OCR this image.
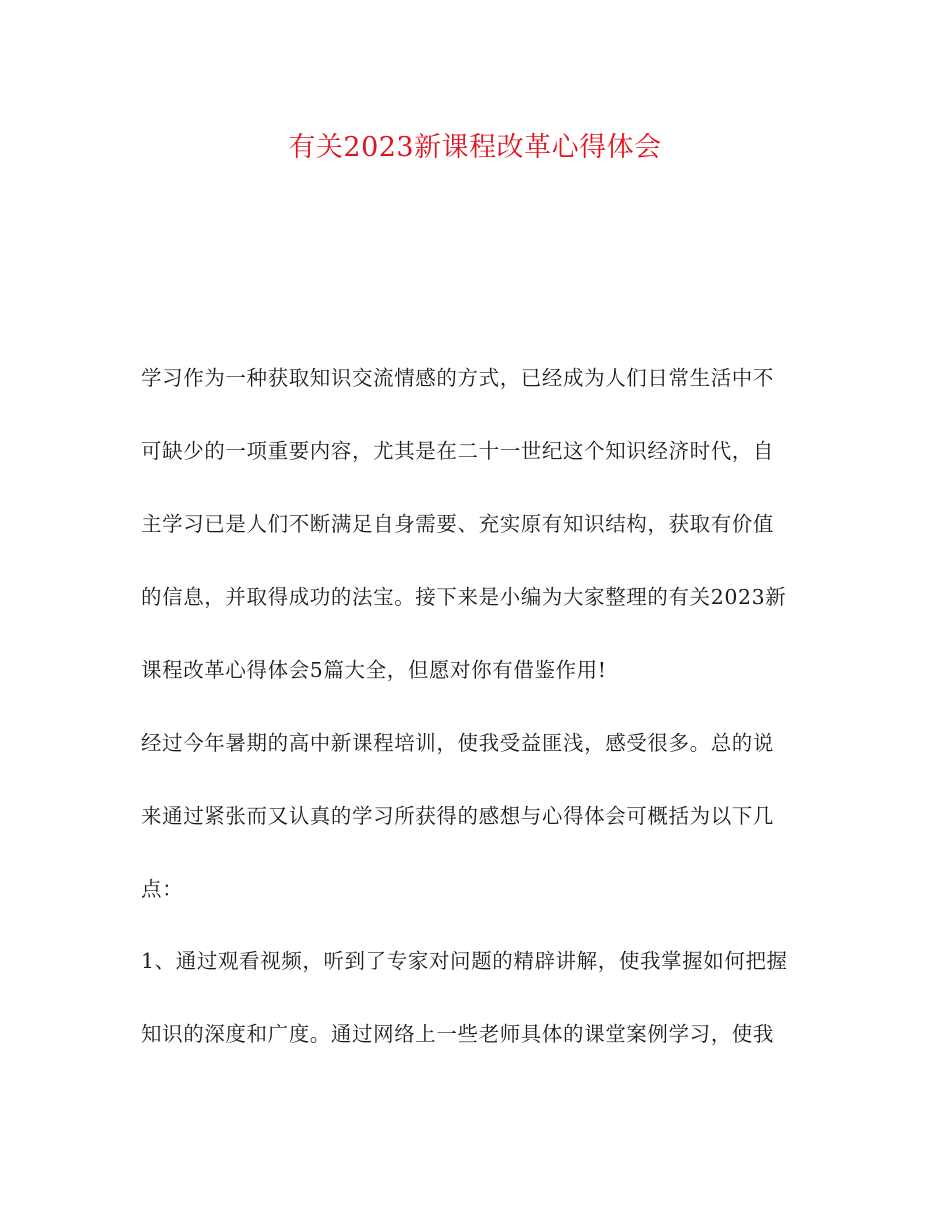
有关2023新课程改革心得体会
学习作为一种获取知识交流情感的方式，已经成为人们日常生活中不
可缺少的一项重要内容，尤其是在二十一世纪这个知识经济时代，自
主学习已是人们不断满足自身需要、充实原有知识结构，获取有价值
的信息，并取得成功的法宝。接下来是小编为大家整理的有关2023新
课程改革心得体会5篇大全，但愿对你有借鉴作用!
经过今年暑期的高中新课程培训，使我受益匪浅，感受很多。总的说
来通过紧张而又认真的学习所获得的感想与心得体会可概括为以下几
点：
1、通过观看视频，听到了专家对问题的精辟讲解，使我掌握如何把握
知识的深度和广度。通过网络上一些老师具体的课堂案例学习，使我
